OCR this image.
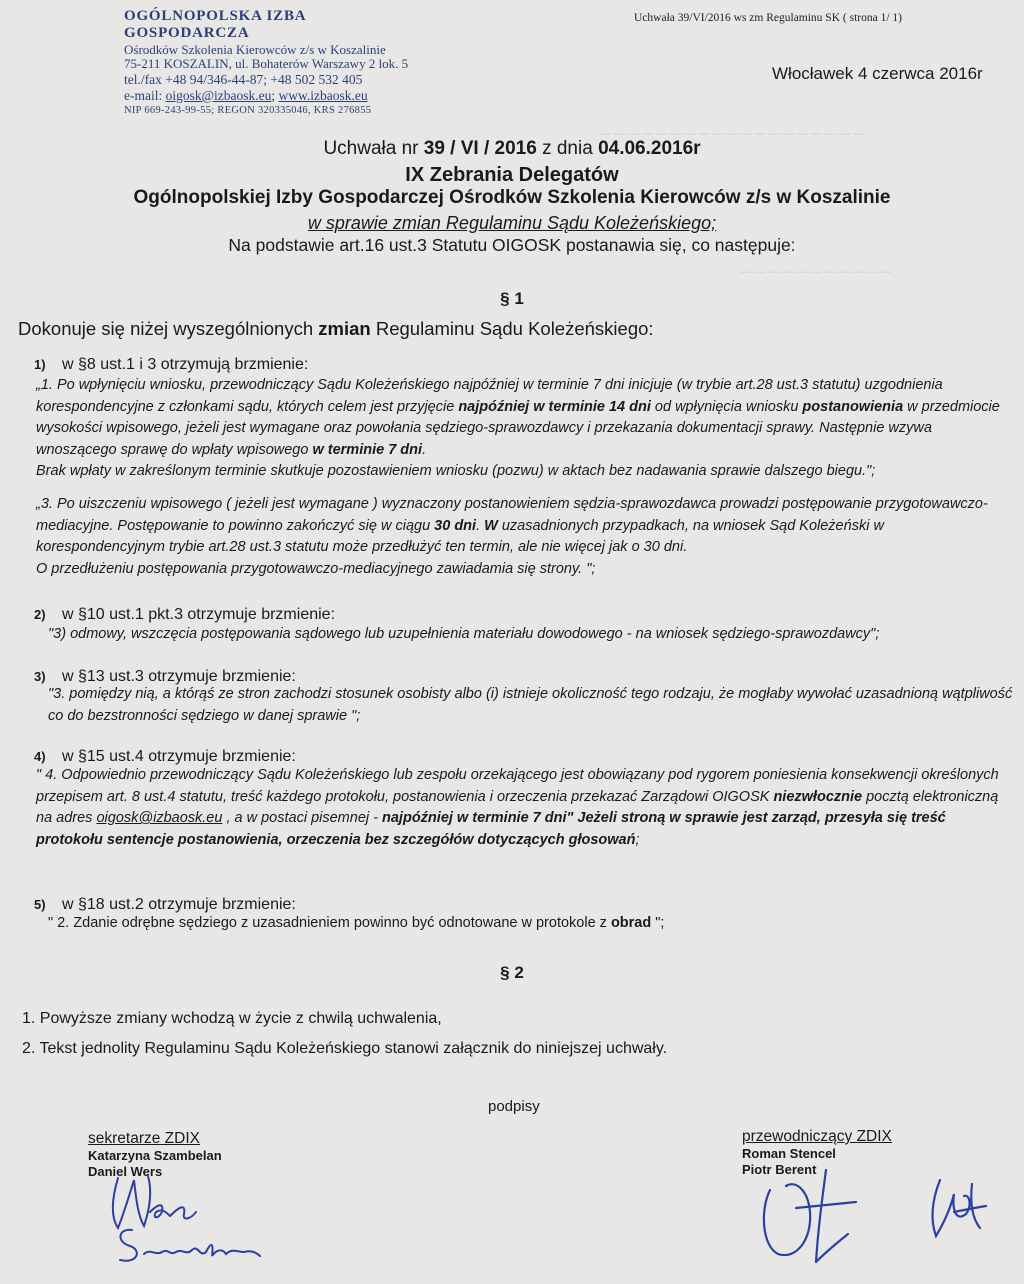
— — — — — — — — — — — — — — — — — — —
— — — — — — — — — — —
OGÓLNOPOLSKA IZBA GOSPODARCZA
Ośrodków Szkolenia Kierowców z/s w Koszalinie
75-211 KOSZALIN, ul. Bohaterów Warszawy 2 lok. 5
tel./fax +48 94/346-44-87; +48 502 532 405
e-mail: oigosk@izbaosk.eu; www.izbaosk.eu
NIP 669-243-99-55; REGON 320335046, KRS 276855
Uchwała 39/VI/2016 ws zm Regulaminu SK ( strona 1/ 1)
Włocławek 4 czerwca 2016r
Uchwała nr 39 / VI / 2016 z dnia 04.06.2016r
IX Zebrania Delegatów
Ogólnopolskiej Izby Gospodarczej Ośrodków Szkolenia Kierowców z/s w Koszalinie
w sprawie zmian Regulaminu Sądu Koleżeńskiego;
Na podstawie art.16 ust.3 Statutu OIGOSK postanawia się, co następuje:
§ 1
Dokonuje się niżej wyszególnionych zmian Regulaminu Sądu Koleżeńskiego:
1) w §8 ust.1 i 3 otrzymują brzmienie:
„1. Po wpłynięciu wniosku, przewodniczący Sądu Koleżeńskiego najpóźniej w terminie 7 dni inicjuje (w trybie art.28 ust.3 statutu) uzgodnienia korespondencyjne z członkami sądu, których celem jest przyjęcie najpóźniej w terminie 14 dni od wpłynięcia wniosku postanowienia w przedmiocie wysokości wpisowego, jeżeli jest wymagane oraz powołania sędziego-sprawozdawcy i przekazania dokumentacji sprawy. Następnie wzywa wnoszącego sprawę do wpłaty wpisowego w terminie 7 dni.
Brak wpłaty w zakreślonym terminie skutkuje pozostawieniem wniosku (pozwu) w aktach bez nadawania sprawie dalszego biegu.";
„3. Po uiszczeniu wpisowego ( jeżeli jest wymagane ) wyznaczony postanowieniem sędzia-sprawozdawca prowadzi postępowanie przygotowawczo-mediacyjne. Postępowanie to powinno zakończyć się w ciągu 30 dni. W uzasadnionych przypadkach, na wniosek Sąd Koleżeński w korespondencyjnym trybie art.28 ust.3 statutu może przedłużyć ten termin, ale nie więcej jak o 30 dni.
O przedłużeniu postępowania przygotowawczo-mediacyjnego zawiadamia się strony. ";
2) w §10 ust.1 pkt.3 otrzymuje brzmienie:
"3) odmowy, wszczęcia postępowania sądowego lub uzupełnienia materiału dowodowego - na wniosek sędziego-sprawozdawcy";
3) w §13 ust.3 otrzymuje brzmienie:
"3. pomiędzy nią, a którąś ze stron zachodzi stosunek osobisty albo (i) istnieje okoliczność tego rodzaju, że mogłaby wywołać uzasadnioną wątpliwość co do bezstronności sędziego w danej sprawie ";
4) w §15 ust.4 otrzymuje brzmienie:
" 4. Odpowiednio przewodniczący Sądu Koleżeńskiego lub zespołu orzekającego jest obowiązany pod rygorem poniesienia konsekwencji określonych przepisem art. 8 ust.4 statutu, treść każdego protokołu, postanowienia i orzeczenia przekazać Zarządowi OIGOSK niezwłocznie pocztą elektroniczną na adres oigosk@izbaosk.eu , a w postaci pisemnej - najpóźniej w terminie 7 dni" Jeżeli stroną w sprawie jest zarząd, przesyła się treść protokołu sentencje postanowienia, orzeczenia bez szczegółów dotyczących głosowań;
5) w §18 ust.2 otrzymuje brzmienie:
" 2. Zdanie odrębne sędziego z uzasadnieniem powinno być odnotowane w protokole z obrad ";
§ 2
1. Powyższe zmiany wchodzą w życie z chwilą uchwalenia,
2. Tekst jednolity Regulaminu Sądu Koleżeńskiego stanowi załącznik do niniejszej uchwały.
podpisy
sekretarze ZDIX
Katarzyna Szambelan
Daniel Wers
przewodniczący ZDIX
Roman Stencel
Piotr Berent
